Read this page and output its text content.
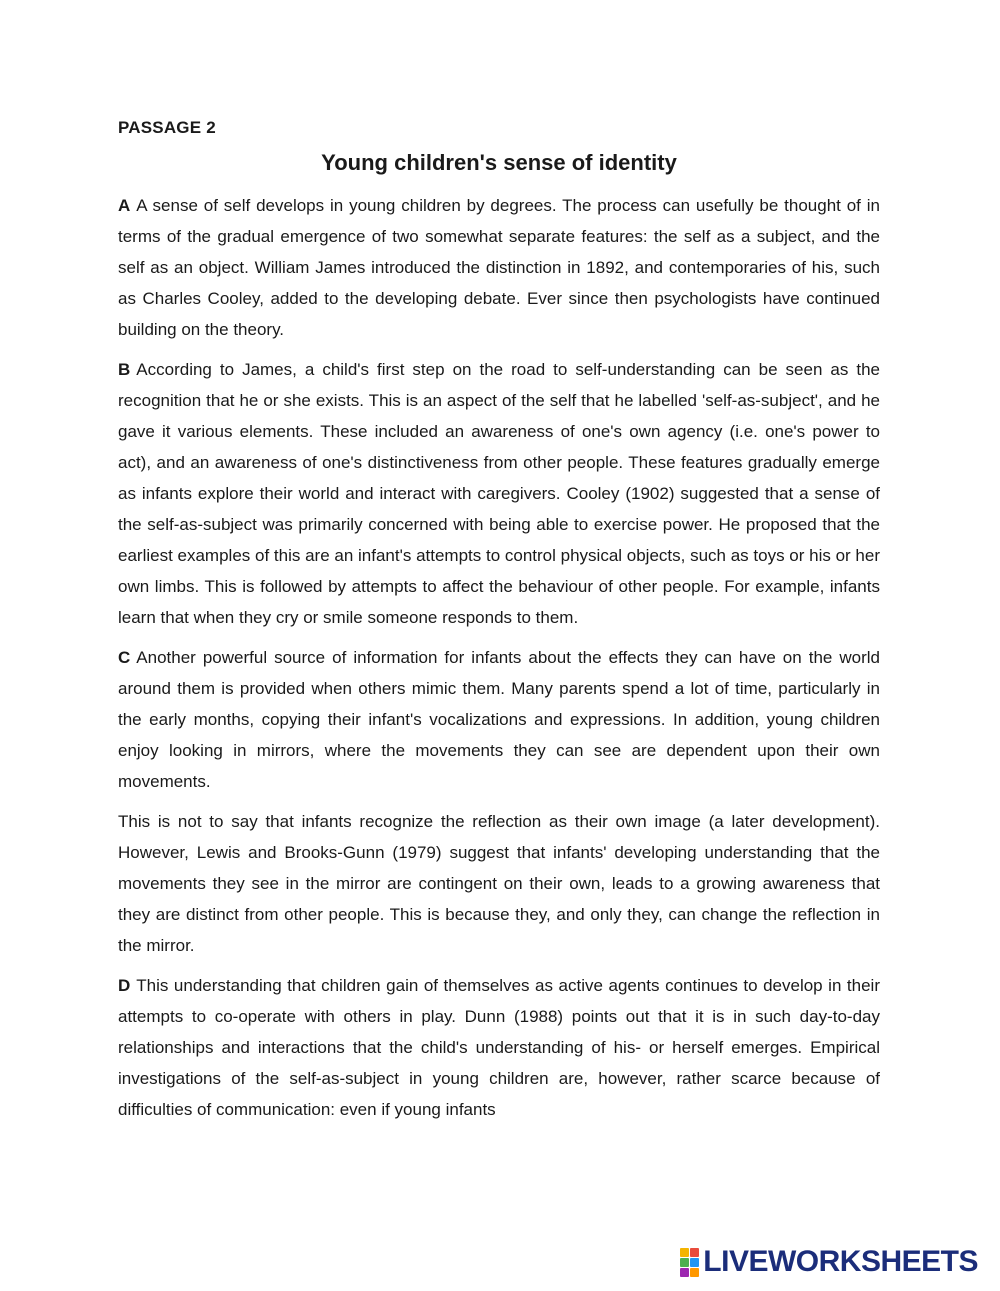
PASSAGE 2
Young children's sense of identity

A A sense of self develops in young children by degrees. The process can usefully be thought of in terms of the gradual emergence of two somewhat separate features: the self as a subject, and the self as an object. William James introduced the distinction in 1892, and contemporaries of his, such as Charles Cooley, added to the developing debate. Ever since then psychologists have continued building on the theory.

B According to James, a child's first step on the road to self-understanding can be seen as the recognition that he or she exists. This is an aspect of the self that he labelled 'self-as-subject', and he gave it various elements. These included an awareness of one's own agency (i.e. one's power to act), and an awareness of one's distinctiveness from other people. These features gradually emerge as infants explore their world and interact with caregivers. Cooley (1902) suggested that a sense of the self-as-subject was primarily concerned with being able to exercise power. He proposed that the earliest examples of this are an infant's attempts to control physical objects, such as toys or his or her own limbs. This is followed by attempts to affect the behaviour of other people. For example, infants learn that when they cry or smile someone responds to them.

C Another powerful source of information for infants about the effects they can have on the world around them is provided when others mimic them. Many parents spend a lot of time, particularly in the early months, copying their infant's vocalizations and expressions. In addition, young children enjoy looking in mirrors, where the movements they can see are dependent upon their own movements.

This is not to say that infants recognize the reflection as their own image (a later development). However, Lewis and Brooks-Gunn (1979) suggest that infants' developing understanding that the movements they see in the mirror are contingent on their own, leads to a growing awareness that they are distinct from other people. This is because they, and only they, can change the reflection in the mirror.

D This understanding that children gain of themselves as active agents continues to develop in their attempts to co-operate with others in play. Dunn (1988) points out that it is in such day-to-day relationships and interactions that the child's understanding of his- or herself emerges. Empirical investigations of the self-as-subject in young children are, however, rather scarce because of difficulties of communication: even if young infants

LIVEWORKSHEETS
